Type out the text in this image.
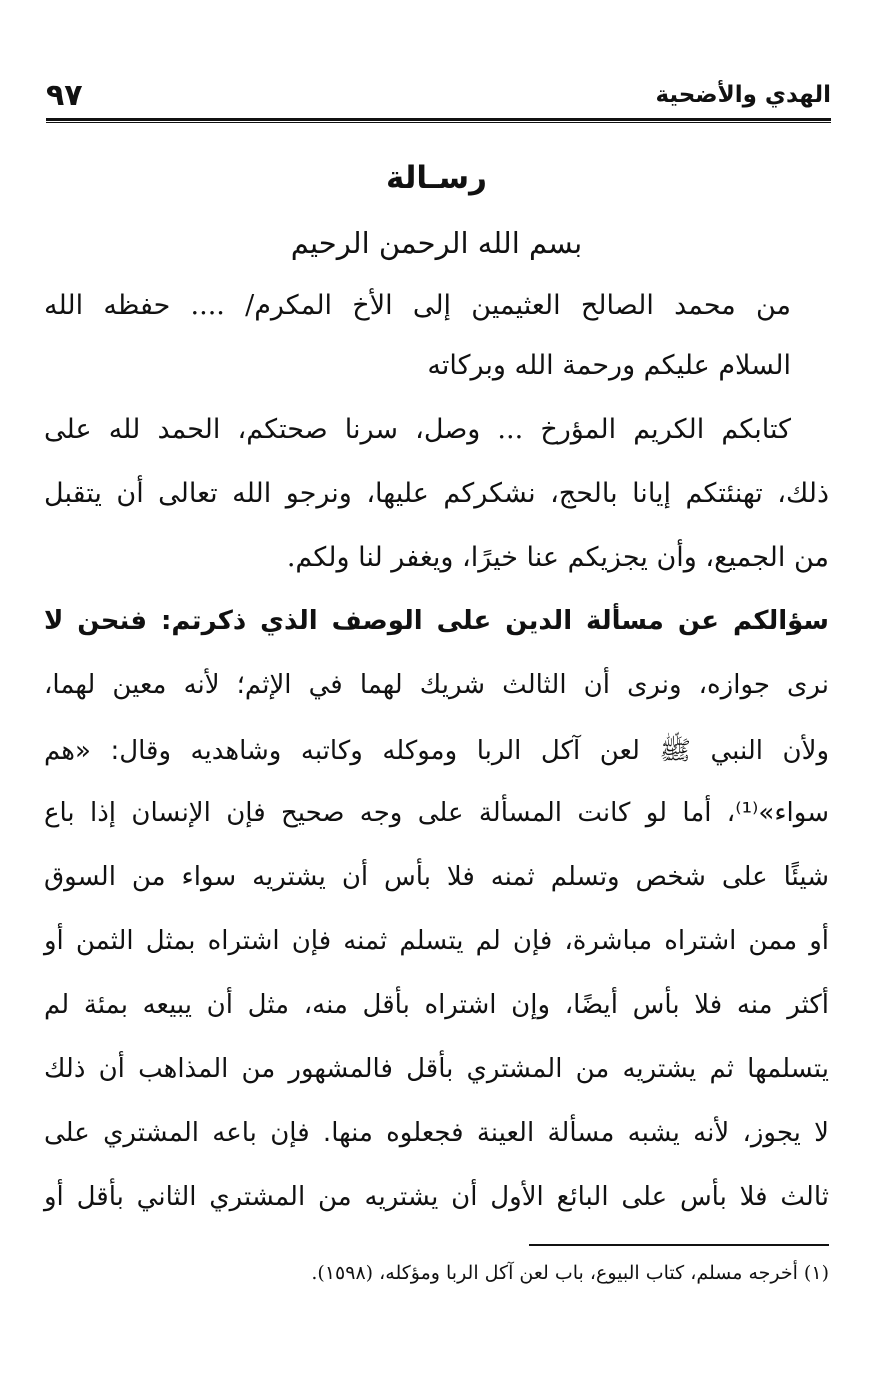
الهدي والأضحية
٩٧
رسـالة
بسم الله الرحمن الرحيم
من محمد الصالح العثيمين إلى الأخ المكرم/ .... حفظه الله
السلام عليكم ورحمة الله وبركاته
كتابكم الكريم المؤرخ ... وصل، سرنا صحتكم، الحمد لله على
ذلك، تهنئتكم إيانا بالحج، نشكركم عليها، ونرجو الله تعالى أن يتقبل
من الجميع، وأن يجزيكم عنا خيرًا، ويغفر لنا ولكم.
سؤالكم عن مسألة الدين على الوصف الذي ذكرتم: فنحن لا
نرى جوازه، ونرى أن الثالث شريك لهما في الإثم؛ لأنه معين لهما،
ولأن النبي ﷺ لعن آكل الربا وموكله وكاتبه وشاهديه وقال: «هم
سواء»⁽¹⁾، أما لو كانت المسألة على وجه صحيح فإن الإنسان إذا باع
شيئًا على شخص وتسلم ثمنه فلا بأس أن يشتريه سواء من السوق
أو ممن اشتراه مباشرة، فإن لم يتسلم ثمنه فإن اشتراه بمثل الثمن أو
أكثر منه فلا بأس أيضًا، وإن اشتراه بأقل منه، مثل أن يبيعه بمئة لم
يتسلمها ثم يشتريه من المشتري بأقل فالمشهور من المذاهب أن ذلك
لا يجوز، لأنه يشبه مسألة العينة فجعلوه منها. فإن باعه المشتري على
ثالث فلا بأس على البائع الأول أن يشتريه من المشتري الثاني بأقل أو
(١) أخرجه مسلم، كتاب البيوع، باب لعن آكل الربا ومؤكله، (١٥٩٨).
